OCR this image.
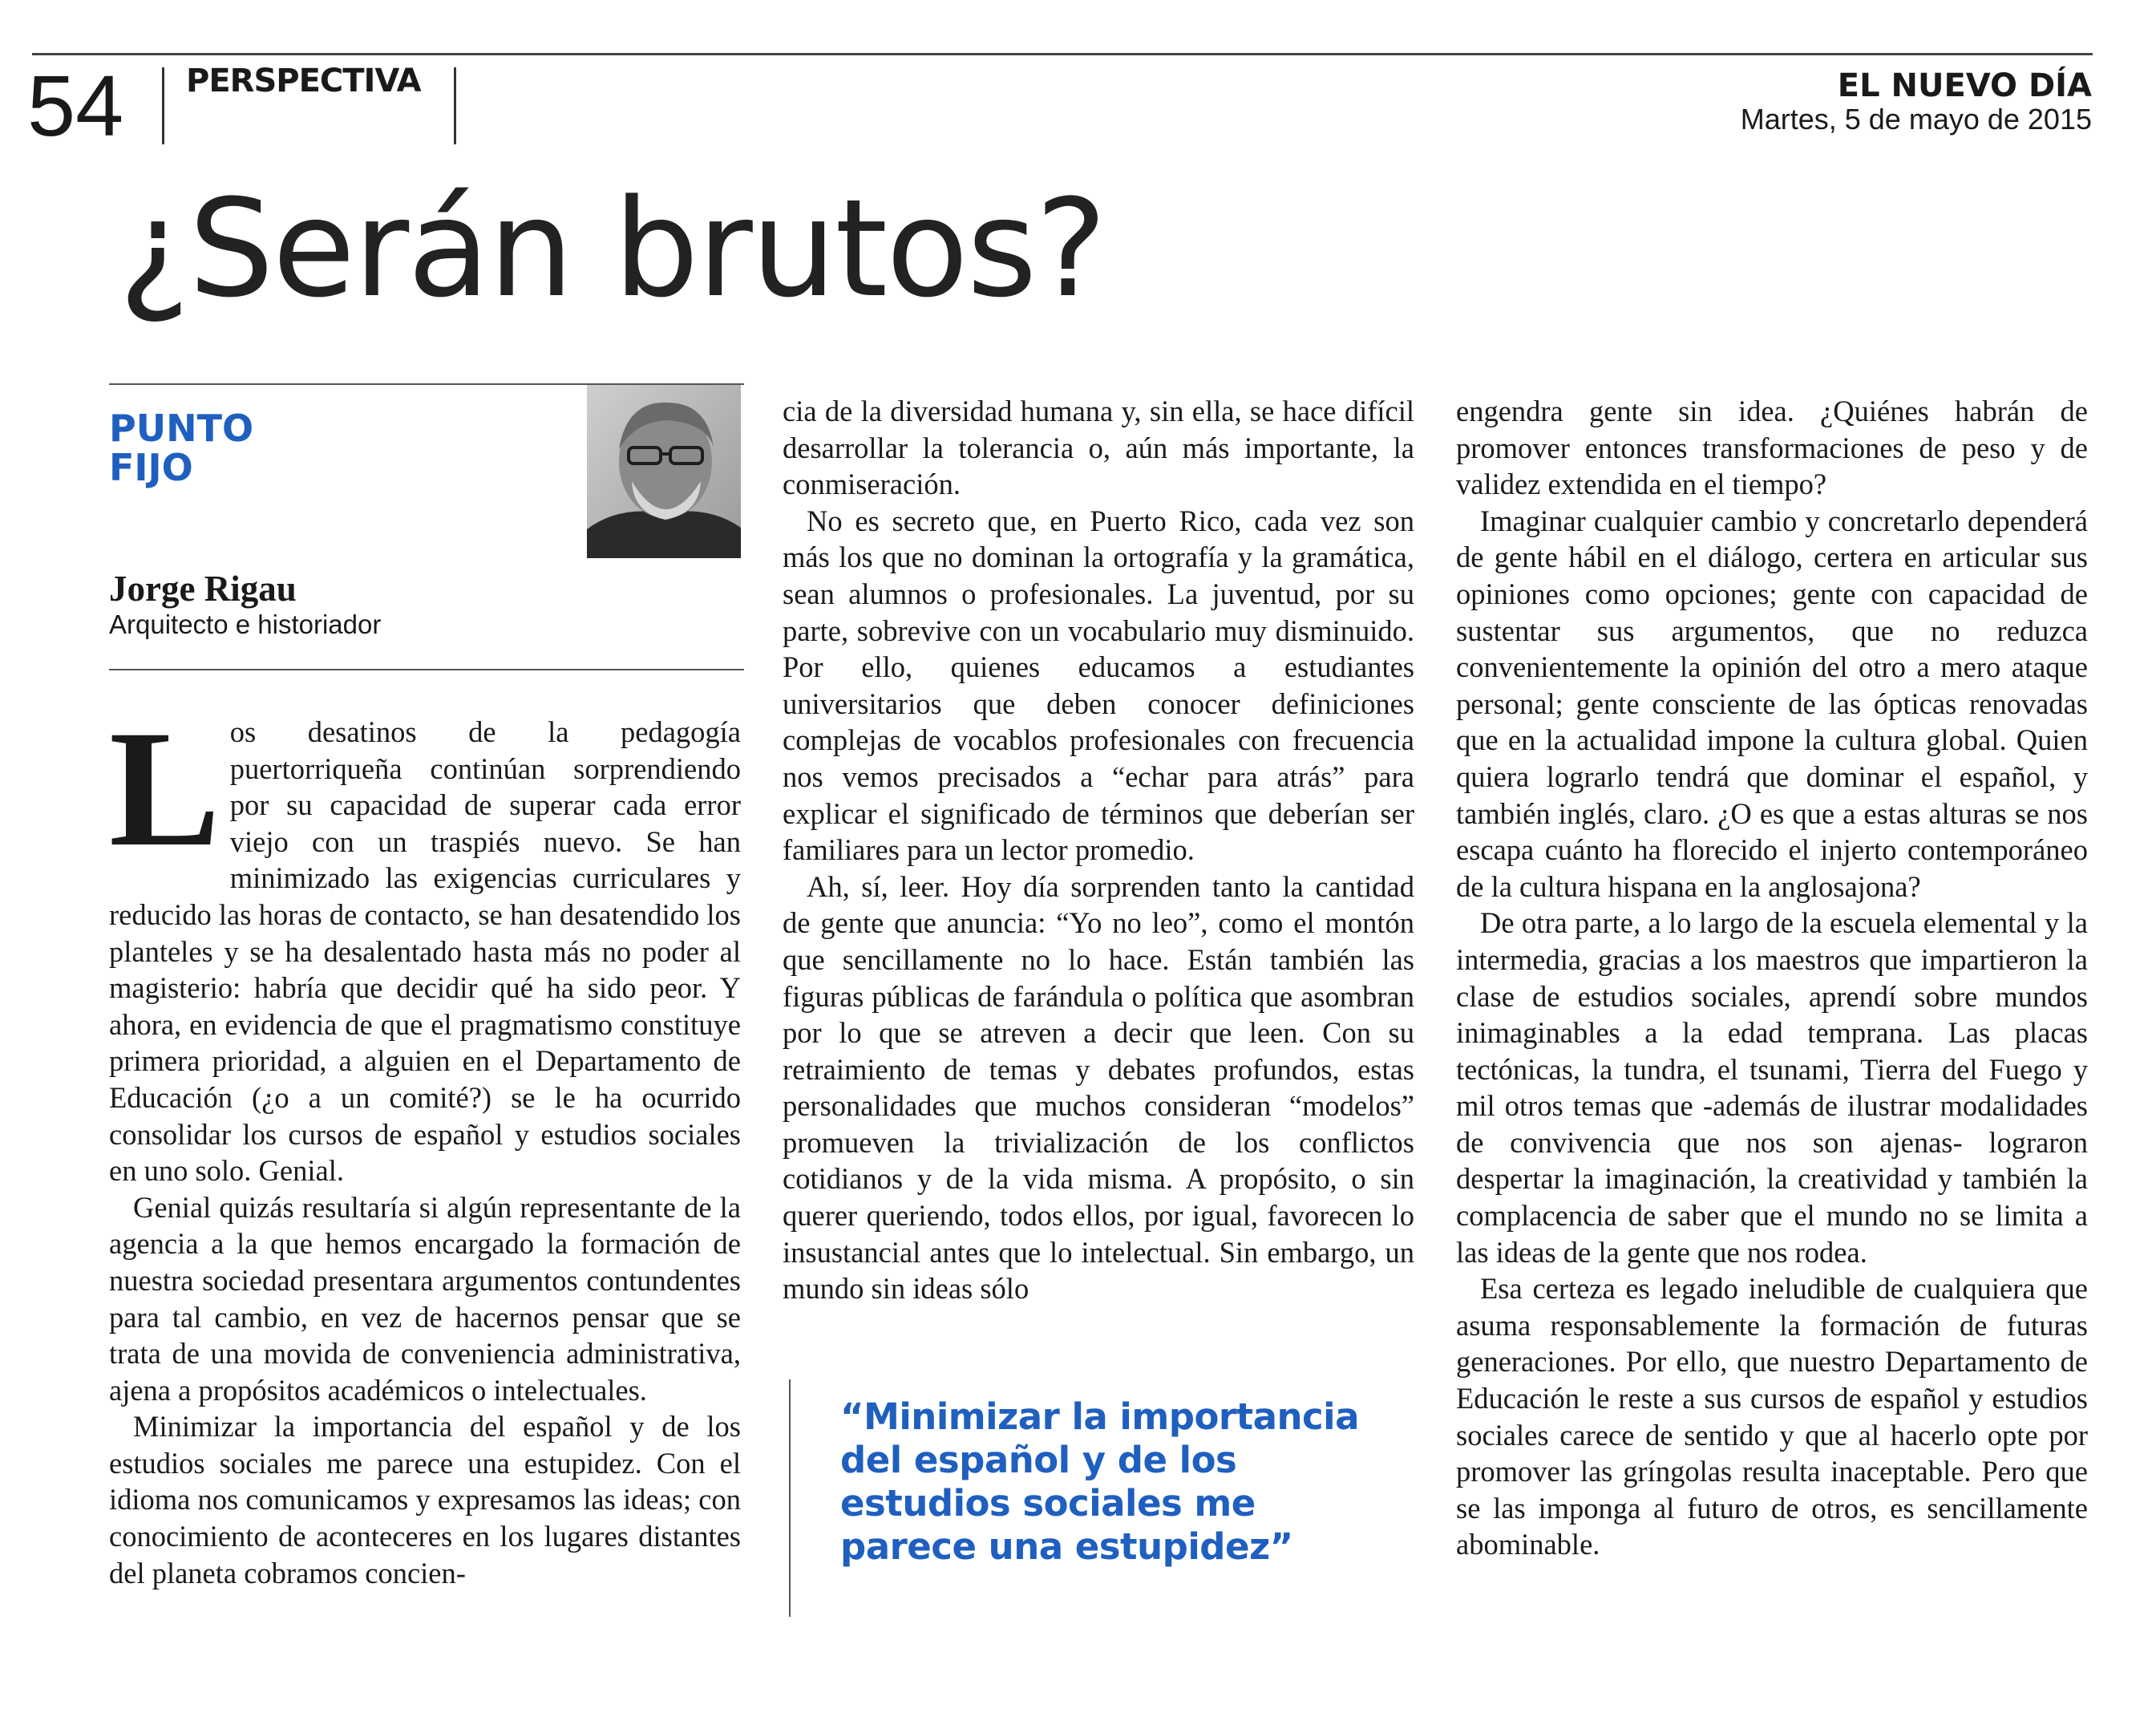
54 PERSPECTIVA	EL NUEVO DÍA
Martes, 5 de mayo de 2015
¿Serán brutos?
PUNTO
FIJO
Jorge Rigau
Arquitecto e historiador

Los desatinos de la pedagogía puertorriqueña continúan sorprendiendo por su capacidad de superar cada error viejo con un traspiés nuevo. Se han minimizado las exigencias curriculares y reducido las horas de contacto, se han desatendido los planteles y se ha desalentado hasta más no poder al magisterio: habría que decidir qué ha sido peor. Y ahora, en evidencia de que el pragmatismo constituye primera prioridad, a alguien en el Departamento de Educación (¿o a un comité?) se le ha ocurrido consolidar los cursos de español y estudios sociales en uno solo. Genial.

Genial quizás resultaría si algún representante de la agencia a la que hemos encargado la formación de nuestra sociedad presentara argumentos contundentes para tal cambio, en vez de hacernos pensar que se trata de una movida de conveniencia administrativa, ajena a propósitos académicos o intelectuales.

Minimizar la importancia del español y de los estudios sociales me parece una estupidez. Con el idioma nos comunicamos y expresamos las ideas; con conocimiento de aconteceres en los lugares distantes del planeta cobramos concien-

cia de la diversidad humana y, sin ella, se hace difícil desarrollar la tolerancia o, aún más importante, la conmiseración.

No es secreto que, en Puerto Rico, cada vez son más los que no dominan la ortografía y la gramática, sean alumnos o profesionales. La juventud, por su parte, sobrevive con un vocabulario muy disminuido. Por ello, quienes educamos a estudiantes universitarios que deben conocer definiciones complejas de vocablos profesionales con frecuencia nos vemos precisados a “echar para atrás” para explicar el significado de términos que deberían ser familiares para un lector promedio.

Ah, sí, leer. Hoy día sorprenden tanto la cantidad de gente que anuncia: “Yo no leo”, como el montón que sencillamente no lo hace. Están también las figuras públicas de farándula o política que asombran por lo que se atreven a decir que leen. Con su retraimiento de temas y debates profundos, estas personalidades que muchos consideran “modelos” promueven la trivialización de los conflictos cotidianos y de la vida misma. A propósito, o sin querer queriendo, todos ellos, por igual, favorecen lo insustancial antes que lo intelectual. Sin embargo, un mundo sin ideas sólo

“Minimizar la importancia del español y de los estudios sociales me parece una estupidez”

engendra gente sin idea. ¿Quiénes habrán de promover entonces transformaciones de peso y de validez extendida en el tiempo?

Imaginar cualquier cambio y concretarlo dependerá de gente hábil en el diálogo, certera en articular sus opiniones como opciones; gente con capacidad de sustentar sus argumentos, que no reduzca convenientemente la opinión del otro a mero ataque personal; gente consciente de las ópticas renovadas que en la actualidad impone la cultura global. Quien quiera lograrlo tendrá que dominar el español, y también inglés, claro. ¿O es que a estas alturas se nos escapa cuánto ha florecido el injerto contemporáneo de la cultura hispana en la anglosajona?

De otra parte, a lo largo de la escuela elemental y la intermedia, gracias a los maestros que impartieron la clase de estudios sociales, aprendí sobre mundos inimaginables a la edad temprana. Las placas tectónicas, la tundra, el tsunami, Tierra del Fuego y mil otros temas que -además de ilustrar modalidades de convivencia que nos son ajenas- lograron despertar la imaginación, la creatividad y también la complacencia de saber que el mundo no se limita a las ideas de la gente que nos rodea.

Esa certeza es legado ineludible de cualquiera que asuma responsablemente la formación de futuras generaciones. Por ello, que nuestro Departamento de Educación le reste a sus cursos de español y estudios sociales carece de sentido y que al hacerlo opte por promover las gríngolas resulta inaceptable. Pero que se las imponga al futuro de otros, es sencillamente abominable.
